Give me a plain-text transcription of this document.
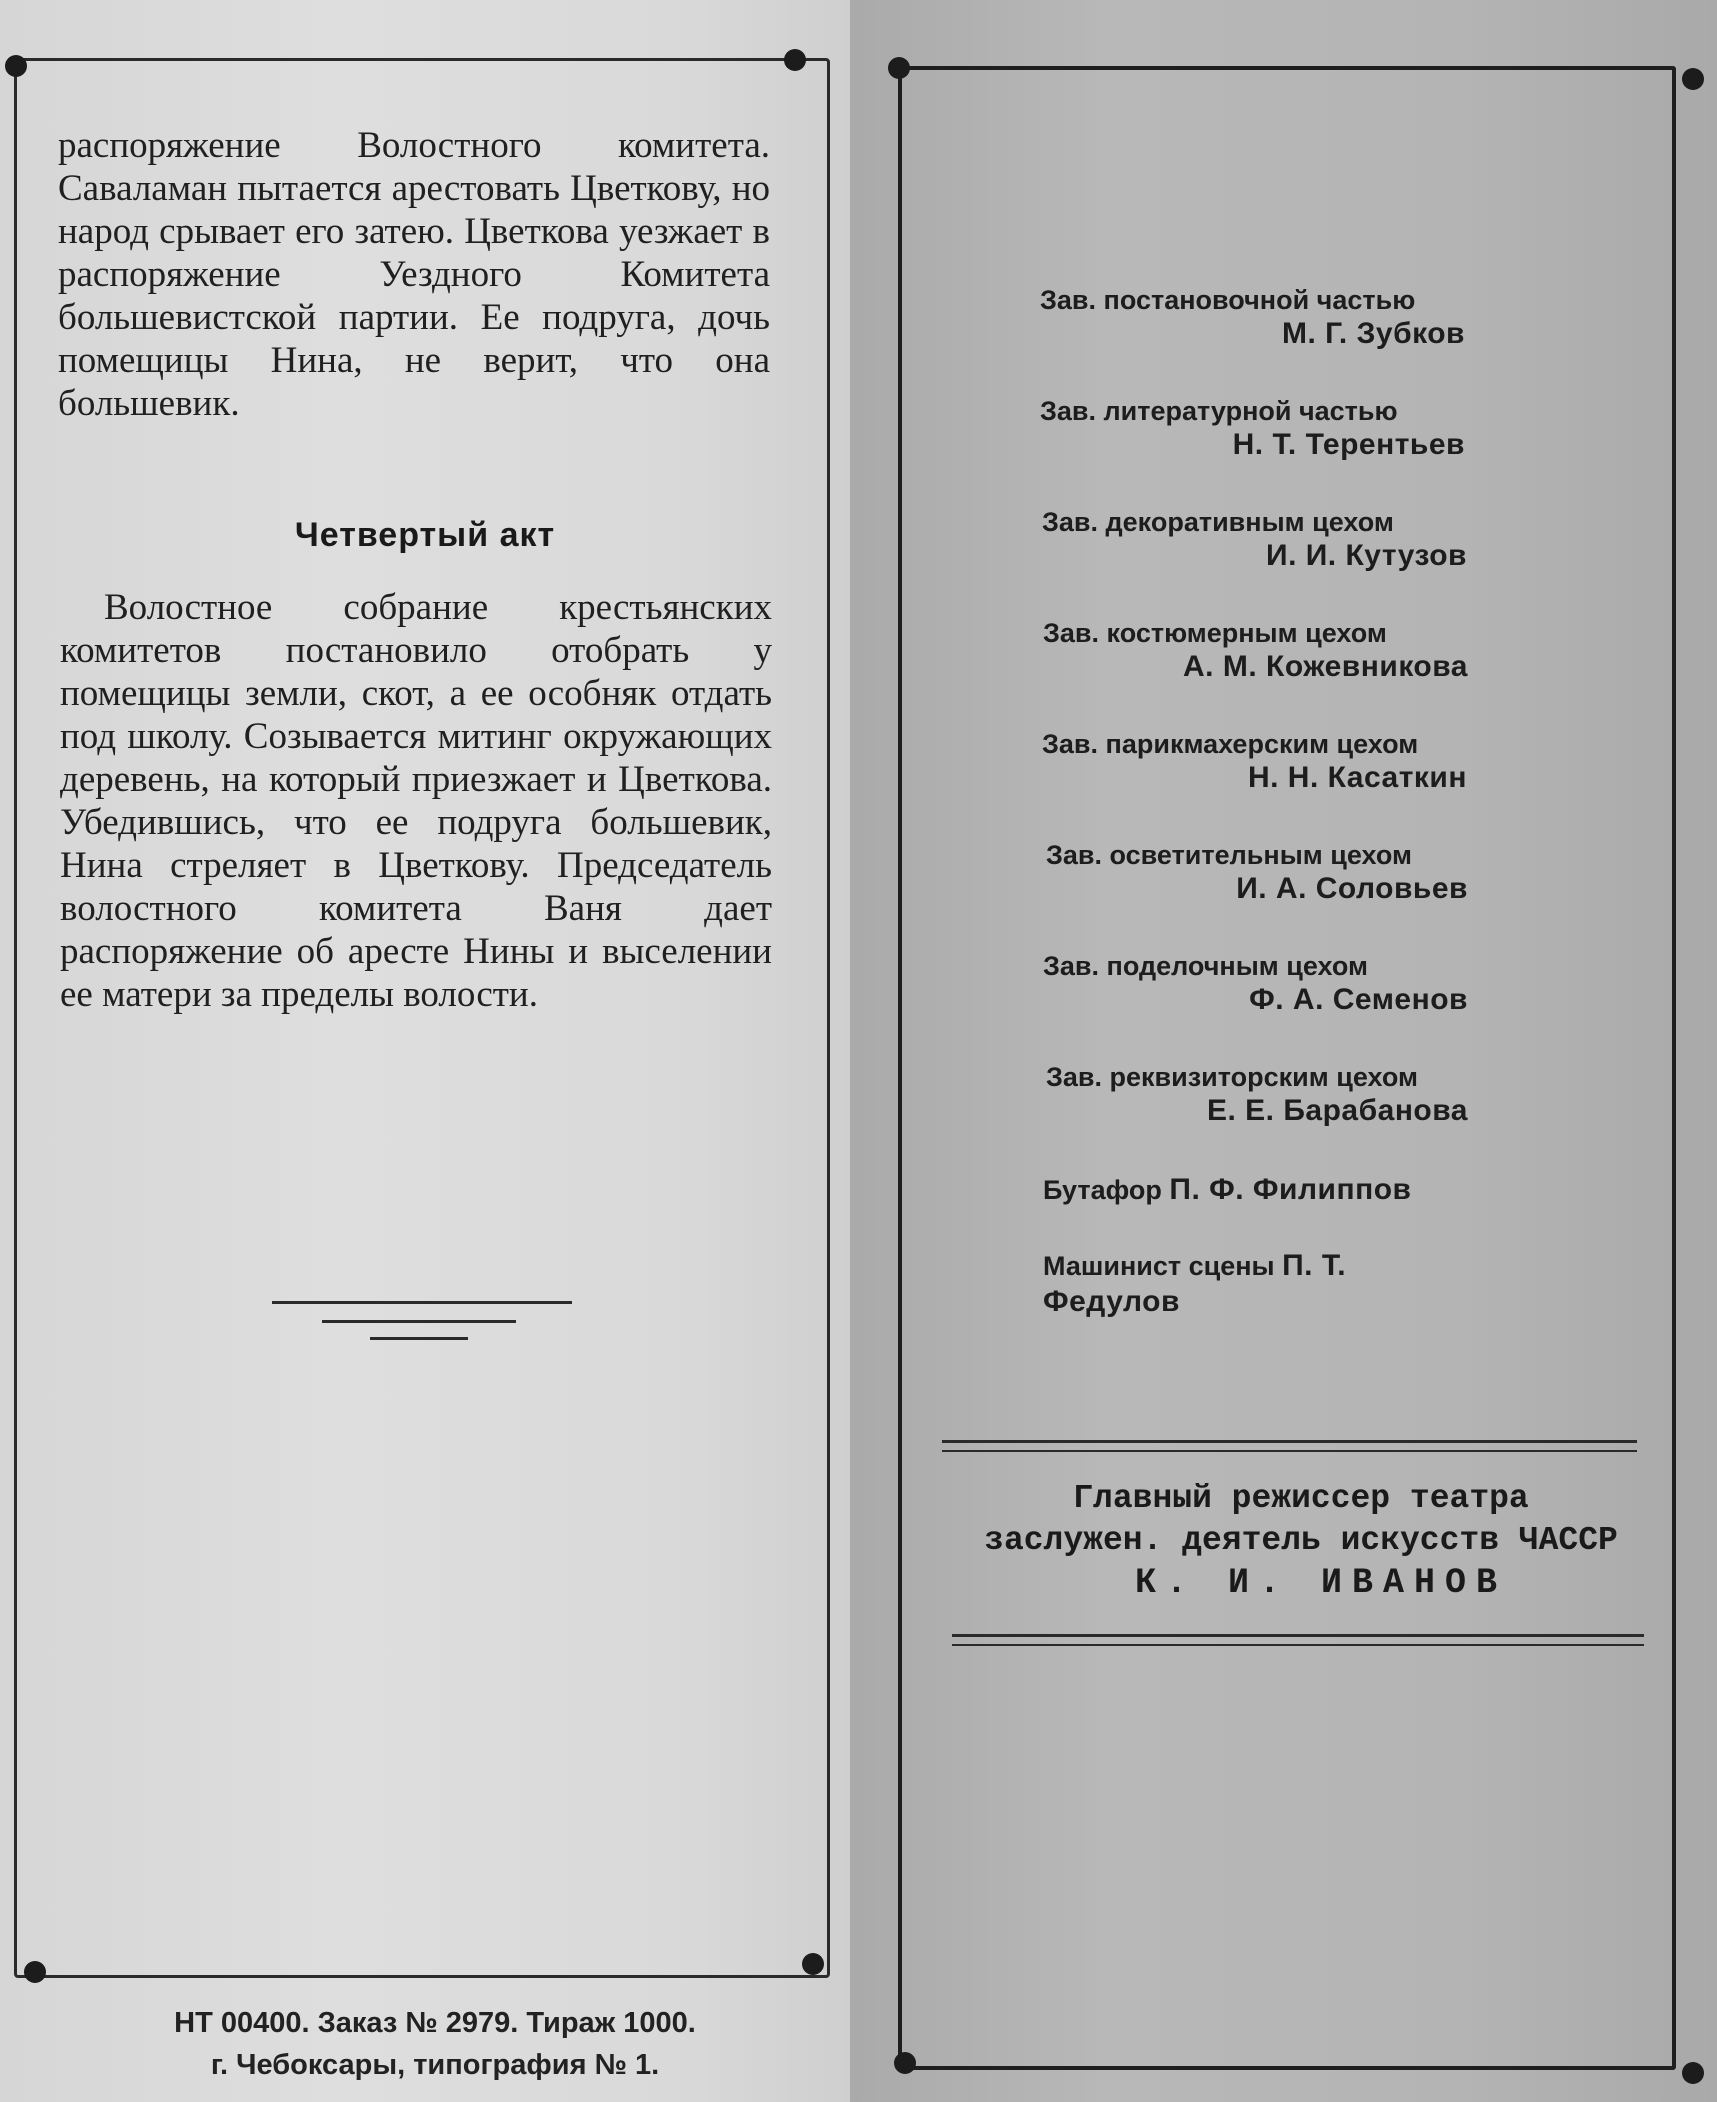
распоряжение Волостного комитета. Саваламан пытается арестовать Цветкову, но народ срывает его затею. Цветкова уезжает в распоряжение Уездного Комитета большевистской партии. Ее подруга, дочь помещицы Нина, не верит, что она большевик.

Четвертый акт
Волостное собрание крестьянских комитетов постановило отобрать у помещицы земли, скот, а ее особняк отдать под школу. Созывается митинг окружающих деревень, на который приезжает и Цветкова. Убедившись, что ее подруга большевик, Нина стреляет в Цветкову. Председатель волостного комитета Ваня дает распоряжение об аресте Нины и выселении ее матери за пределы волости.
НТ 00400. Заказ № 2979. Тираж 1000.
г. Чебоксары, типография № 1.
Зав. постановочной частью
М. Г. Зубков
Зав. литературной частью
Н. Т. Терентьев
Зав. декоративным цехом
И. И. Кутузов
Зав. костюмерным цехом
А. М. Кожевникова
Зав. парикмахерским цехом
Н. Н. Касаткин
Зав. осветительным цехом
И. А. Соловьев
Зав. поделочным цехом
Ф. А. Семенов
Зав. реквизиторским цехом
Е. Е. Барабанова
Бутафор П. Ф. Филиппов
Машинист сцены П. Т. Федулов
Главный режиссер театра
заслужен. деятель искусств ЧАССР
К. И. ИВАНОВ
